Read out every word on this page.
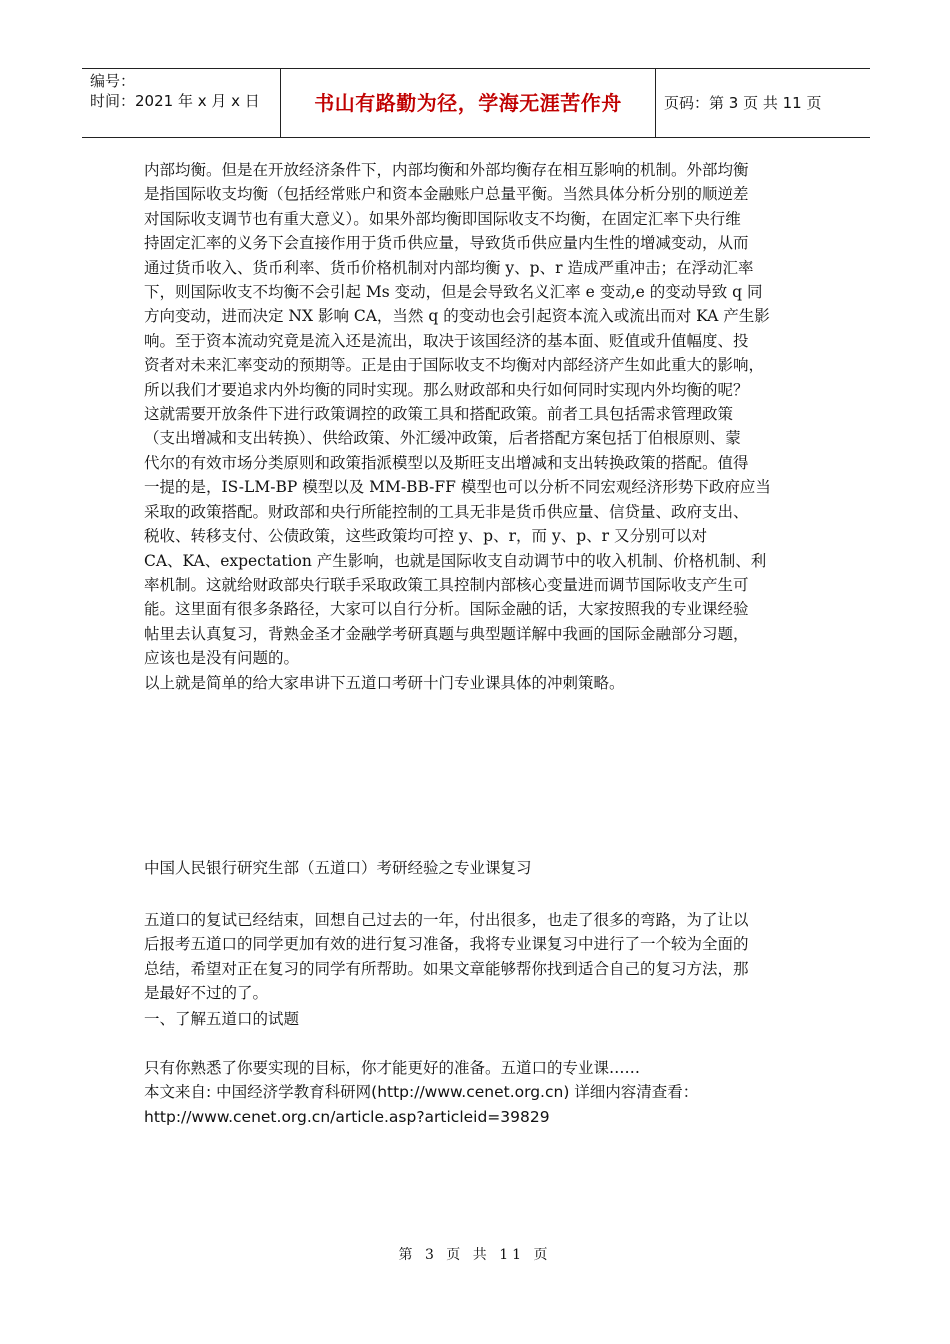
编号：
时间：2021 年 x 月 x 日	书山有路勤为径，学海无涯苦作舟	页码：第 3 页 共 11 页

内部均衡。但是在开放经济条件下，内部均衡和外部均衡存在相互影响的机制。外部均衡
是指国际收支均衡（包括经常账户和资本金融账户总量平衡。当然具体分析分别的顺逆差
对国际收支调节也有重大意义）。如果外部均衡即国际收支不均衡，在固定汇率下央行维
持固定汇率的义务下会直接作用于货币供应量，导致货币供应量内生性的增减变动，从而
通过货币收入、货币利率、货币价格机制对内部均衡 y、p、r 造成严重冲击；在浮动汇率
下，则国际收支不均衡不会引起 Ms 变动，但是会导致名义汇率 e 变动,e 的变动导致 q 同
方向变动，进而决定 NX 影响 CA，当然 q 的变动也会引起资本流入或流出而对 KA 产生影
响。至于资本流动究竟是流入还是流出，取决于该国经济的基本面、贬值或升值幅度、投
资者对未来汇率变动的预期等。正是由于国际收支不均衡对内部经济产生如此重大的影响，
所以我们才要追求内外均衡的同时实现。那么财政部和央行如何同时实现内外均衡的呢？
这就需要开放条件下进行政策调控的政策工具和搭配政策。前者工具包括需求管理政策
（支出增减和支出转换）、供给政策、外汇缓冲政策，后者搭配方案包括丁伯根原则、蒙
代尔的有效市场分类原则和政策指派模型以及斯旺支出增减和支出转换政策的搭配。值得
一提的是，IS-LM-BP 模型以及 MM-BB-FF 模型也可以分析不同宏观经济形势下政府应当
采取的政策搭配。财政部和央行所能控制的工具无非是货币供应量、信贷量、政府支出、
税收、转移支付、公债政策，这些政策均可控 y、p、r，而 y、p、r 又分别可以对
CA、KA、expectation 产生影响，也就是国际收支自动调节中的收入机制、价格机制、利
率机制。这就给财政部央行联手采取政策工具控制内部核心变量进而调节国际收支产生可
能。这里面有很多条路径，大家可以自行分析。国际金融的话，大家按照我的专业课经验
帖里去认真复习，背熟金圣才金融学考研真题与典型题详解中我画的国际金融部分习题，
应该也是没有问题的。
以上就是简单的给大家串讲下五道口考研十门专业课具体的冲刺策略。

中国人民银行研究生部（五道口）考研经验之专业课复习

五道口的复试已经结束，回想自己过去的一年，付出很多，也走了很多的弯路，为了让以
后报考五道口的同学更加有效的进行复习准备，我将专业课复习中进行了一个较为全面的
总结，希望对正在复习的同学有所帮助。如果文章能够帮你找到适合自己的复习方法，那
是最好不过的了。

一、了解五道口的试题

只有你熟悉了你要实现的目标，你才能更好的准备。五道口的专业课……
本文来自: 中国经济学教育科研网(http://www.cenet.org.cn) 详细内容清查看：
http://www.cenet.org.cn/article.asp?articleid=39829

第 3 页 共 11 页
